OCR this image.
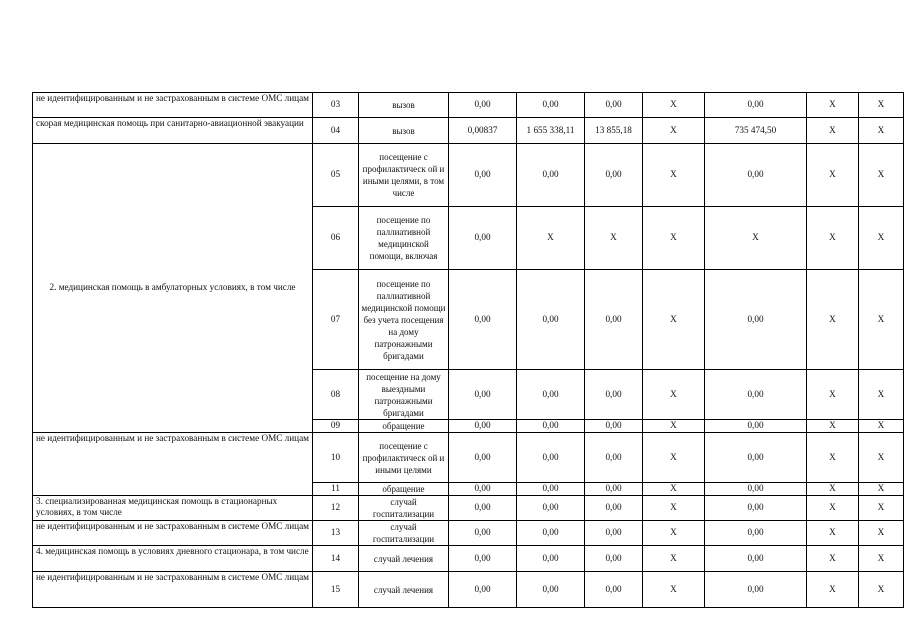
не идентифицированным и не застрахованным в системе ОМС лицам	03	вызов	0,00	0,00	0,00	X	0,00	X	X
скорая медицинская помощь при санитарно-авиационной эвакуации	04	вызов	0,00837	1 655 338,11	13 855,18	X	735 474,50	X	X
2. медицинская помощь в амбулаторных условиях, в том числе	05	посещение с профилактическ ой и иными целями, в том числе	0,00	0,00	0,00	X	0,00	X	X
	06	посещение по паллиативной медицинской помощи, включая	0,00	X	X	X	X	X	X
	07	посещение по паллиативной медицинской помощи без учета посещения на дому патронажными бригадами	0,00	0,00	0,00	X	0,00	X	X
	08	посещение на дому выездными патронажными бригадами	0,00	0,00	0,00	X	0,00	X	X
	09	обращение	0,00	0,00	0,00	X	0,00	X	X
не идентифицированным и не застрахованным в системе ОМС лицам	10	посещение с профилактическ ой и иными целями	0,00	0,00	0,00	X	0,00	X	X
	11	обращение	0,00	0,00	0,00	X	0,00	X	X
3. специализированная медицинская помощь в стационарных условиях, в том числе	12	случай госпитализации	0,00	0,00	0,00	X	0,00	X	X
не идентифицированным и не застрахованным в системе ОМС лицам	13	случай госпитализации	0,00	0,00	0,00	X	0,00	X	X
4. медицинская помощь в условиях дневного стационара, в том числе	14	случай лечения	0,00	0,00	0,00	X	0,00	X	X
не идентифицированным и не застрахованным в системе ОМС лицам	15	случай лечения	0,00	0,00	0,00	X	0,00	X	X
